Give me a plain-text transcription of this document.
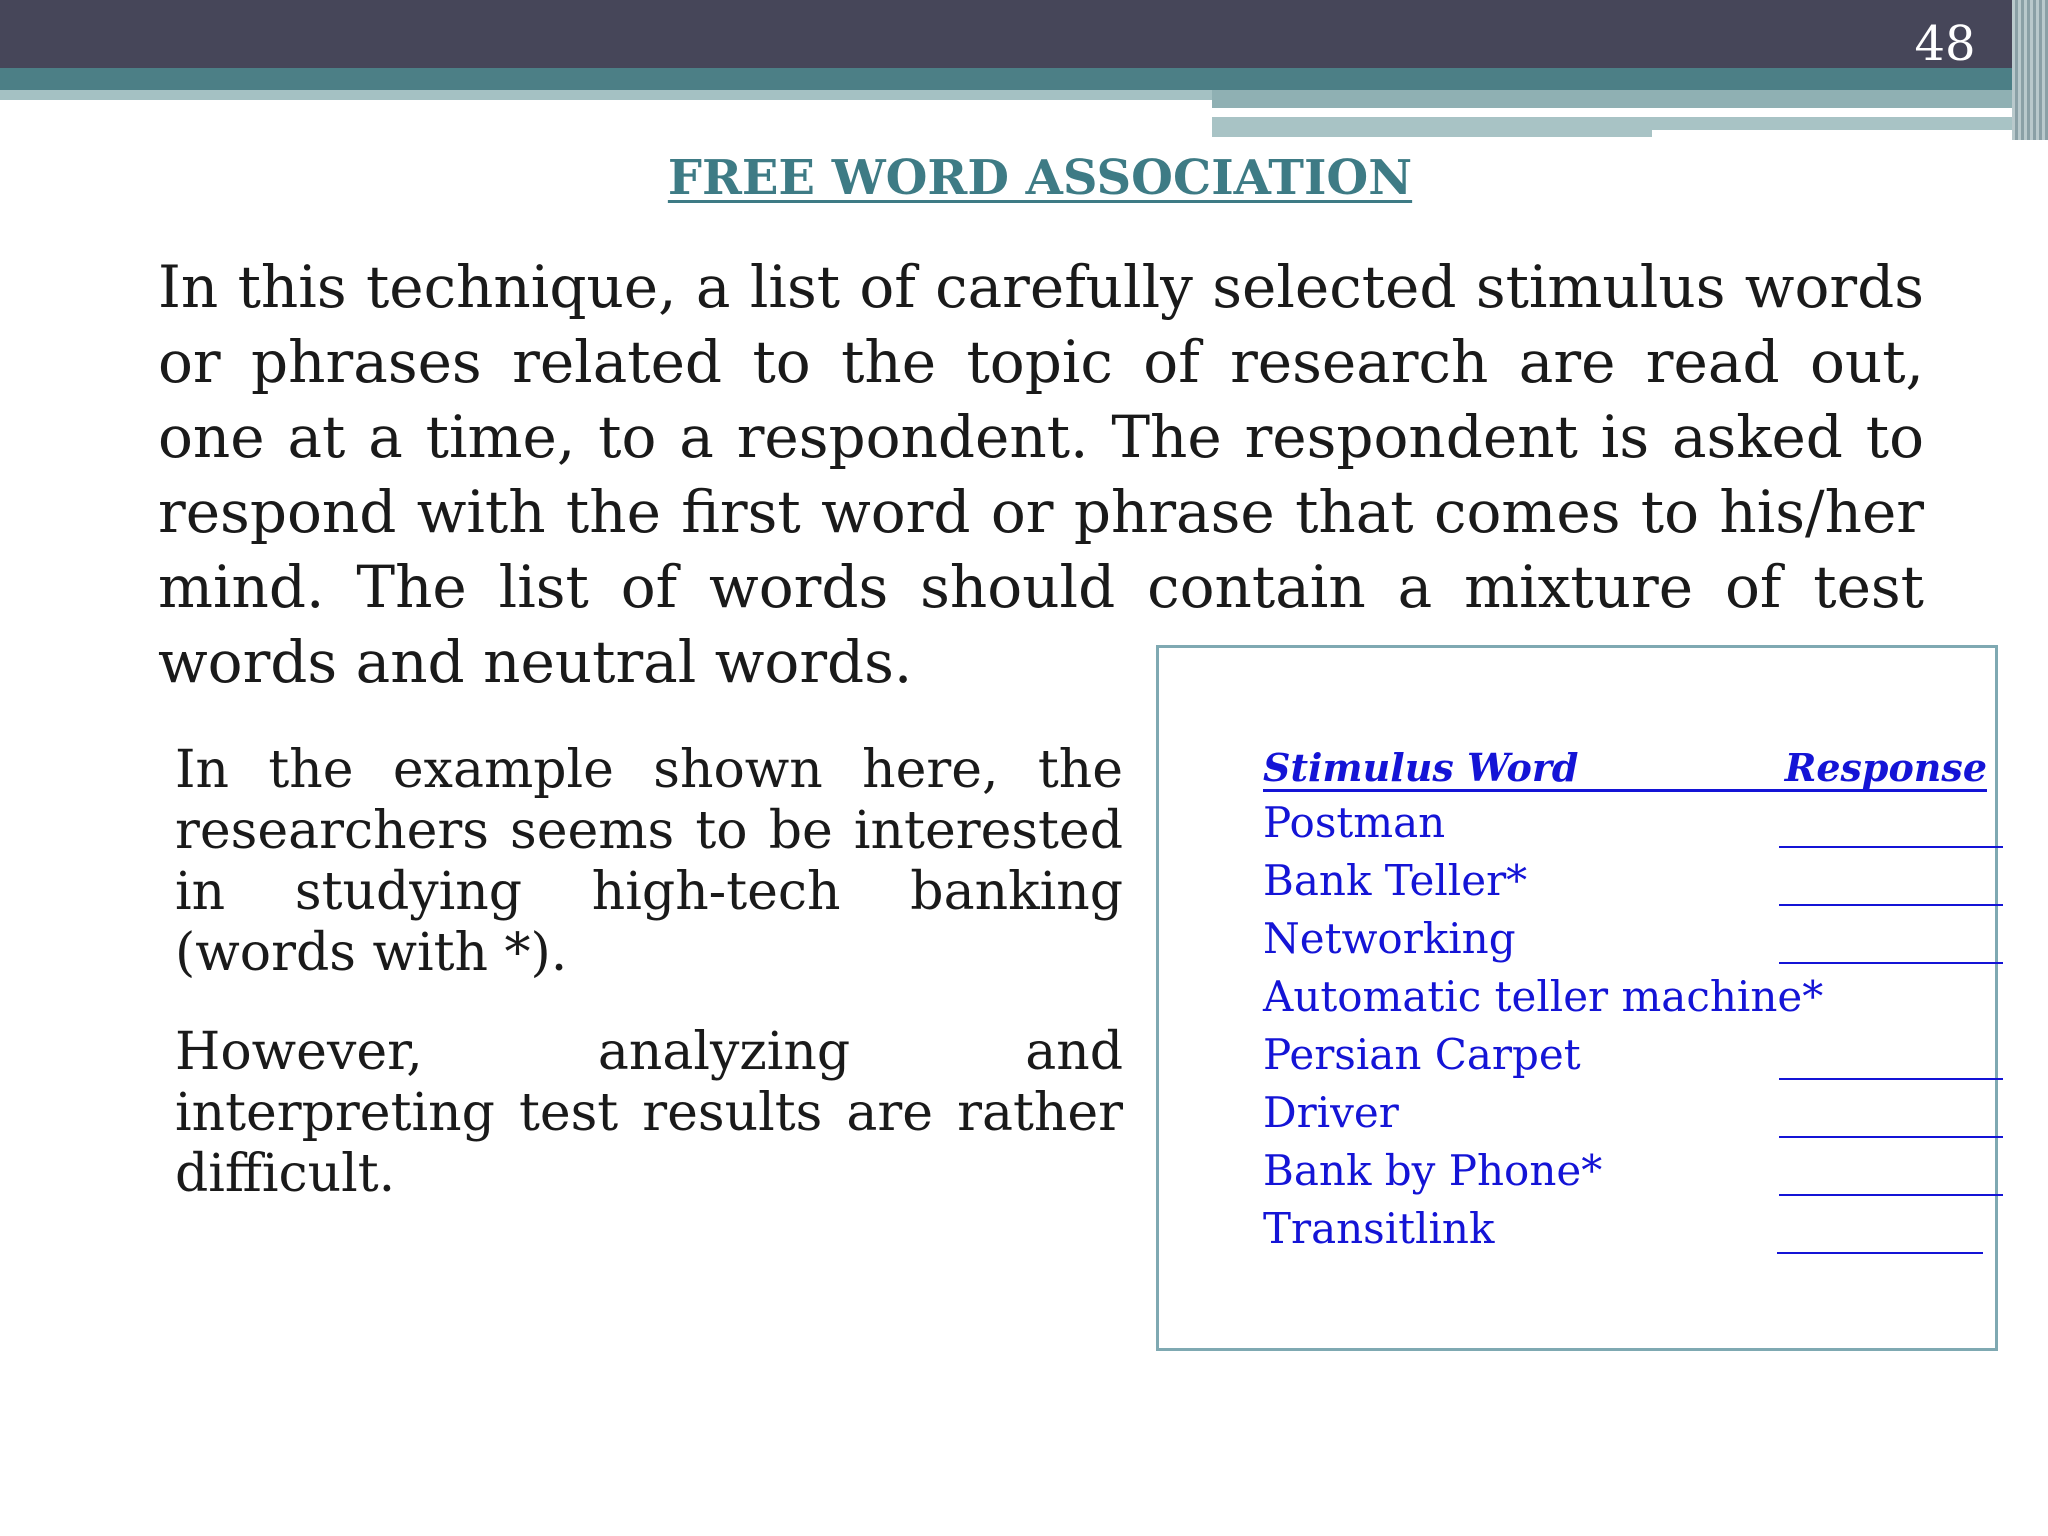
48
FREE WORD ASSOCIATION

In this technique, a list of carefully selected stimulus words or phrases related to the topic of research are read out, one at a time, to a respondent. The respondent is asked to respond with the first word or phrase that comes to his/her mind. The list of words should contain a mixture of test words and neutral words.

In the example shown here, the researchers seems to be interested in studying high-tech banking (words with *).

However, analyzing and interpreting test results are rather difficult.

Stimulus Word	Response
Postman
Bank Teller*
Networking
Automatic teller machine*
Persian Carpet
Driver
Bank by Phone*
Transitlink
